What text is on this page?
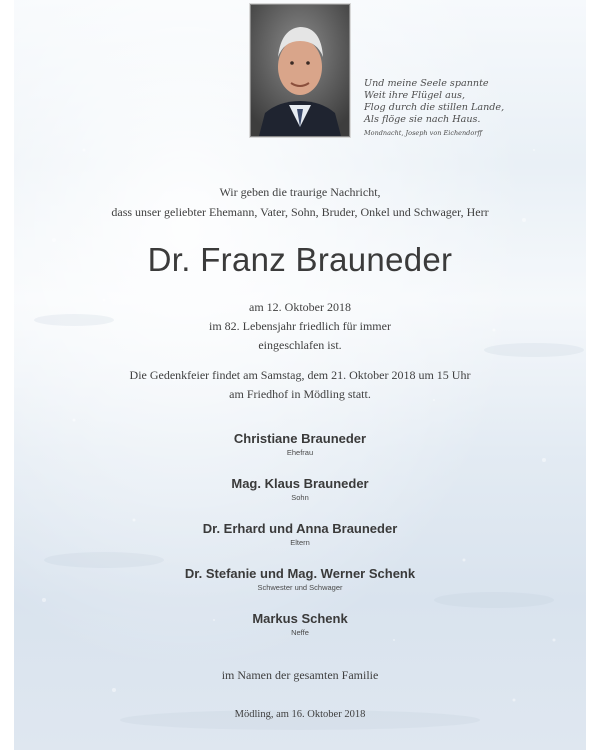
Und meine Seele spannte
Weit ihre Flügel aus,
Flog durch die stillen Lande,
Als flöge sie nach Haus.
Mondnacht, Joseph von Eichendorff
Wir geben die traurige Nachricht,
dass unser geliebter Ehemann, Vater, Sohn, Bruder, Onkel und Schwager, Herr
Dr. Franz Brauneder
am 12. Oktober 2018
im 82. Lebensjahr friedlich für immer
eingeschlafen ist.
Die Gedenkfeier findet am Samstag, dem 21. Oktober 2018 um 15 Uhr
am Friedhof in Mödling statt.
Christiane Brauneder
Ehefrau
Mag. Klaus Brauneder
Sohn
Dr. Erhard und Anna Brauneder
Eltern
Dr. Stefanie und Mag. Werner Schenk
Schwester und Schwager
Markus Schenk
Neffe
im Namen der gesamten Familie
Mödling, am 16. Oktober 2018
